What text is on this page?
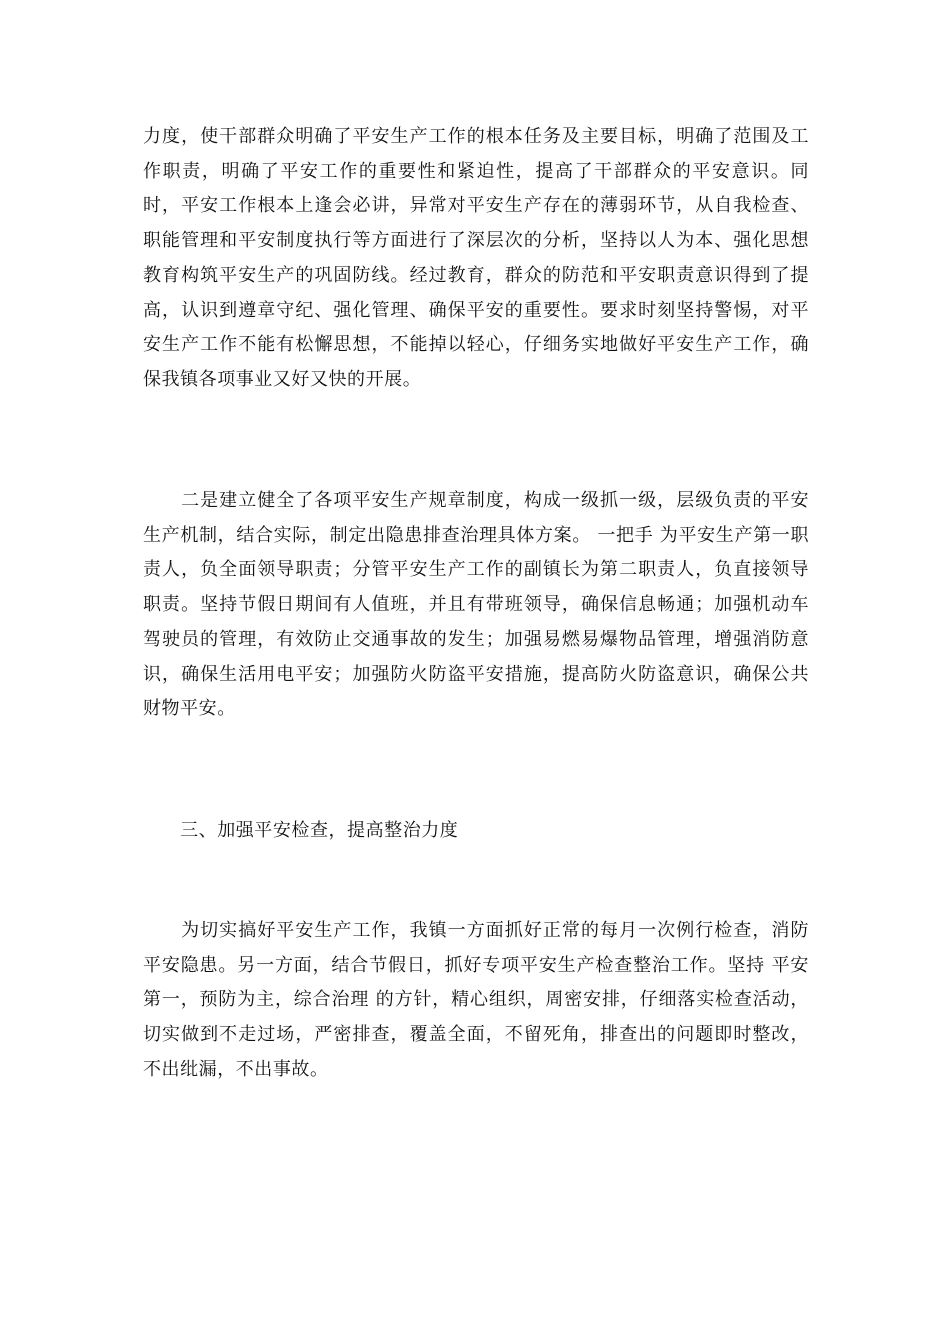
力度，使干部群众明确了平安生产工作的根本任务及主要目标，明确了范围及工作职责，明确了平安工作的重要性和紧迫性，提高了干部群众的平安意识。同时，平安工作根本上逢会必讲，异常对平安生产存在的薄弱环节，从自我检查、职能管理和平安制度执行等方面进行了深层次的分析，坚持以人为本、强化思想教育构筑平安生产的巩固防线。经过教育，群众的防范和平安职责意识得到了提高，认识到遵章守纪、强化管理、确保平安的重要性。要求时刻坚持警惕，对平安生产工作不能有松懈思想，不能掉以轻心，仔细务实地做好平安生产工作，确保我镇各项事业又好又快的开展。

　　二是建立健全了各项平安生产规章制度，构成一级抓一级，层级负责的平安生产机制，结合实际，制定出隐患排查治理具体方案。 一把手 为平安生产第一职责人，负全面领导职责；分管平安生产工作的副镇长为第二职责人，负直接领导职责。坚持节假日期间有人值班，并且有带班领导，确保信息畅通；加强机动车驾驶员的管理，有效防止交通事故的发生；加强易燃易爆物品管理，增强消防意识，确保生活用电平安；加强防火防盗平安措施，提高防火防盗意识，确保公共财物平安。

　　三、加强平安检查，提高整治力度

　　为切实搞好平安生产工作，我镇一方面抓好正常的每月一次例行检查，消防平安隐患。另一方面，结合节假日，抓好专项平安生产检查整治工作。坚持 平安第一，预防为主，综合治理 的方针，精心组织，周密安排，仔细落实检查活动，切实做到不走过场，严密排查，覆盖全面，不留死角，排查出的问题即时整改，不出纰漏，不出事故。
